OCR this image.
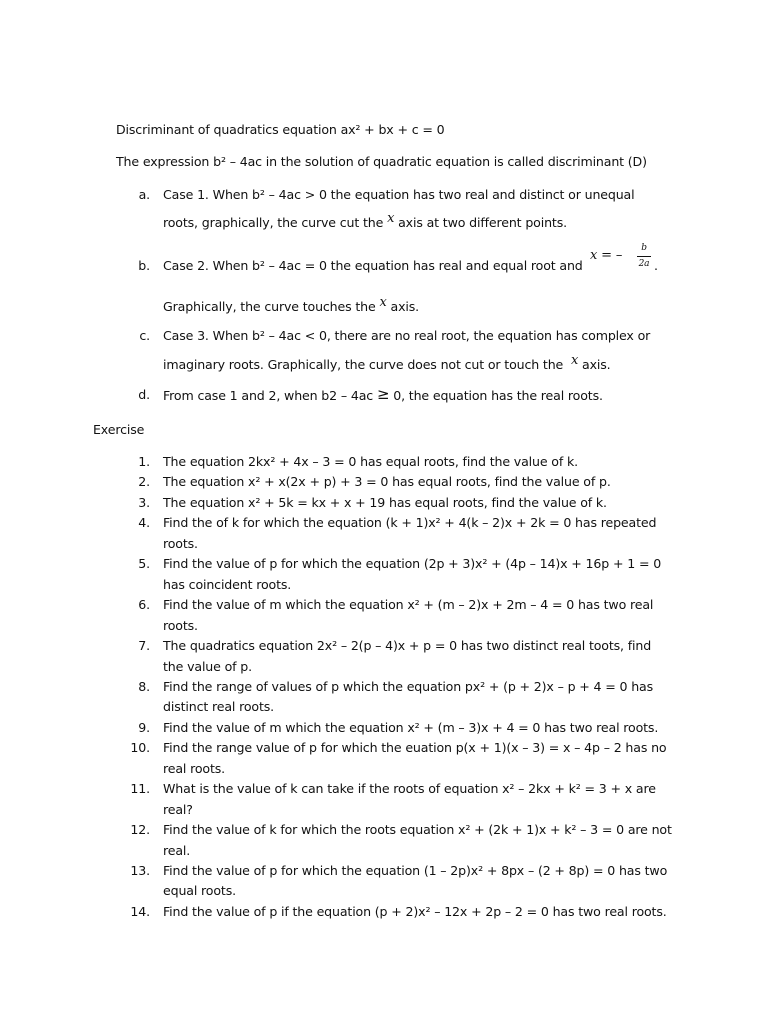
Discriminant of quadratics equation ax² + bx + c = 0
The expression b² – 4ac in the solution of quadratic equation is called discriminant (D)
a. Case 1. When b² – 4ac > 0 the equation has two real and distinct or unequal
roots, graphically, the curve cut the x axis at two different points.
b. Case 2. When b² – 4ac = 0 the equation has real and equal root and
x = –	b
2a .
Graphically, the curve touches the x axis.
c. Case 3. When b² – 4ac < 0, there are no real root, the equation has complex or
imaginary roots. Graphically, the curve does not cut or touch the x axis.
d. From case 1 and 2, when b2 – 4ac ≥ 0, the equation has the real roots.
Exercise
1. The equation 2kx² + 4x – 3 = 0 has equal roots, find the value of k.
2. The equation x² + x(2x + p) + 3 = 0 has equal roots, find the value of p.
3. The equation x² + 5k = kx + x + 19 has equal roots, find the value of k.
4. Find the of k for which the equation (k + 1)x² + 4(k – 2)x + 2k = 0 has repeated
roots.
5. Find the value of p for which the equation (2p + 3)x² + (4p – 14)x + 16p + 1 = 0
has coincident roots.
6. Find the value of m which the equation x² + (m – 2)x + 2m – 4 = 0 has two real
roots.
7. The quadratics equation 2x² – 2(p – 4)x + p = 0 has two distinct real toots, find
the value of p.
8. Find the range of values of p which the equation px² + (p + 2)x – p + 4 = 0 has
distinct real roots.
9. Find the value of m which the equation x² + (m – 3)x + 4 = 0 has two real roots.
10. Find the range value of p for which the euation p(x + 1)(x – 3) = x – 4p – 2 has no
real roots.
11. What is the value of k can take if the roots of equation x² – 2kx + k² = 3 + x are
real?
12. Find the value of k for which the roots equation x² + (2k + 1)x + k² – 3 = 0 are not
real.
13. Find the value of p for which the equation (1 – 2p)x² + 8px – (2 + 8p) = 0 has two
equal roots.
14. Find the value of p if the equation (p + 2)x² – 12x + 2p – 2 = 0 has two real roots.
